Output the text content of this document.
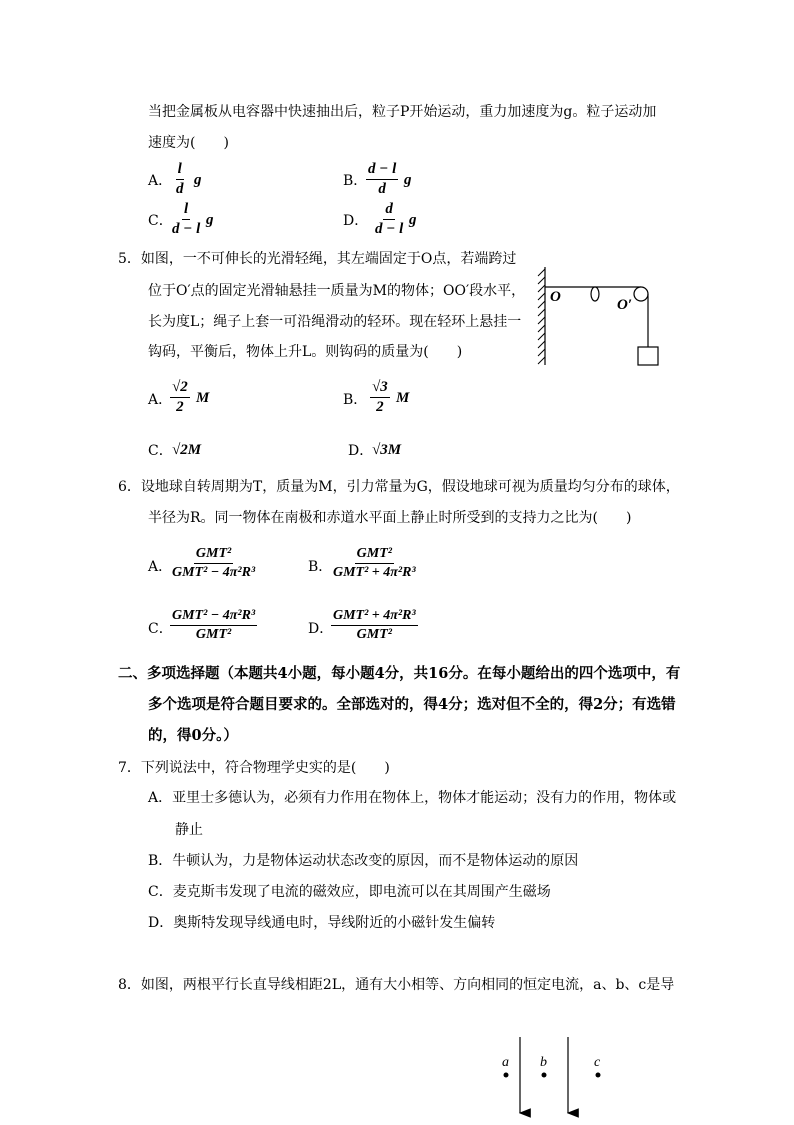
当把金属板从电容器中快速抽出后，粒子P开始运动，重力加速度为g。粒子运动加
速度为(　　)
A． $\frac{l}{d}$ g	B．
$\frac{d - l}{d}$ g
C．
$\frac{l}{d - l}$ g	D． $\frac{d}{d - l}$ g
5．如图，一不可伸长的光滑轻绳，其左端固定于O点，若端跨过
位于O′点的固定光滑轴悬挂一质量为M的物体；OO′段水平，
长为度L；绳子上套一可沿绳滑动的轻环。现在轻环上悬挂一
钩码，平衡后，物体上升L。则钩码的质量为(　　)
O	O′
A．
$\frac{√2}{2}$ M	B． $\frac{√3}{2}$ M
C． √2M	D．
√3M
6．设地球自转周期为T，质量为M，引力常量为G，假设地球可视为质量均匀分布的球体，
半径为R。同一物体在南极和赤道水平面上静止时所受到的支持力之比为(　　)
A．
GMT²
GMT² − 4π²R³	B．
GMT²
GMT² + 4π²R³
C．
GMT² − 4π²R³
GMT²	D．
GMT² + 4π²R³
GMT²
二、多项选择题（本题共4小题，每小题4分，共16分。在每小题给出的四个选项中，有
多个选项是符合题目要求的。全部选对的，得4分；选对但不全的，得2分；有选错
的，得0分。）
7．下列说法中，符合物理学史实的是(　　)
A．亚里士多德认为，必须有力作用在物体上，物体才能运动；没有力的作用，物体或
静止
B．牛顿认为，力是物体运动状态改变的原因，而不是物体运动的原因
C．麦克斯韦发现了电流的磁效应，即电流可以在其周围产生磁场
D．奥斯特发现导线通电时，导线附近的小磁针发生偏转
8．如图，两根平行长直导线相距2L，通有大小相等、方向相同的恒定电流，a、b、c是导
a b	c
